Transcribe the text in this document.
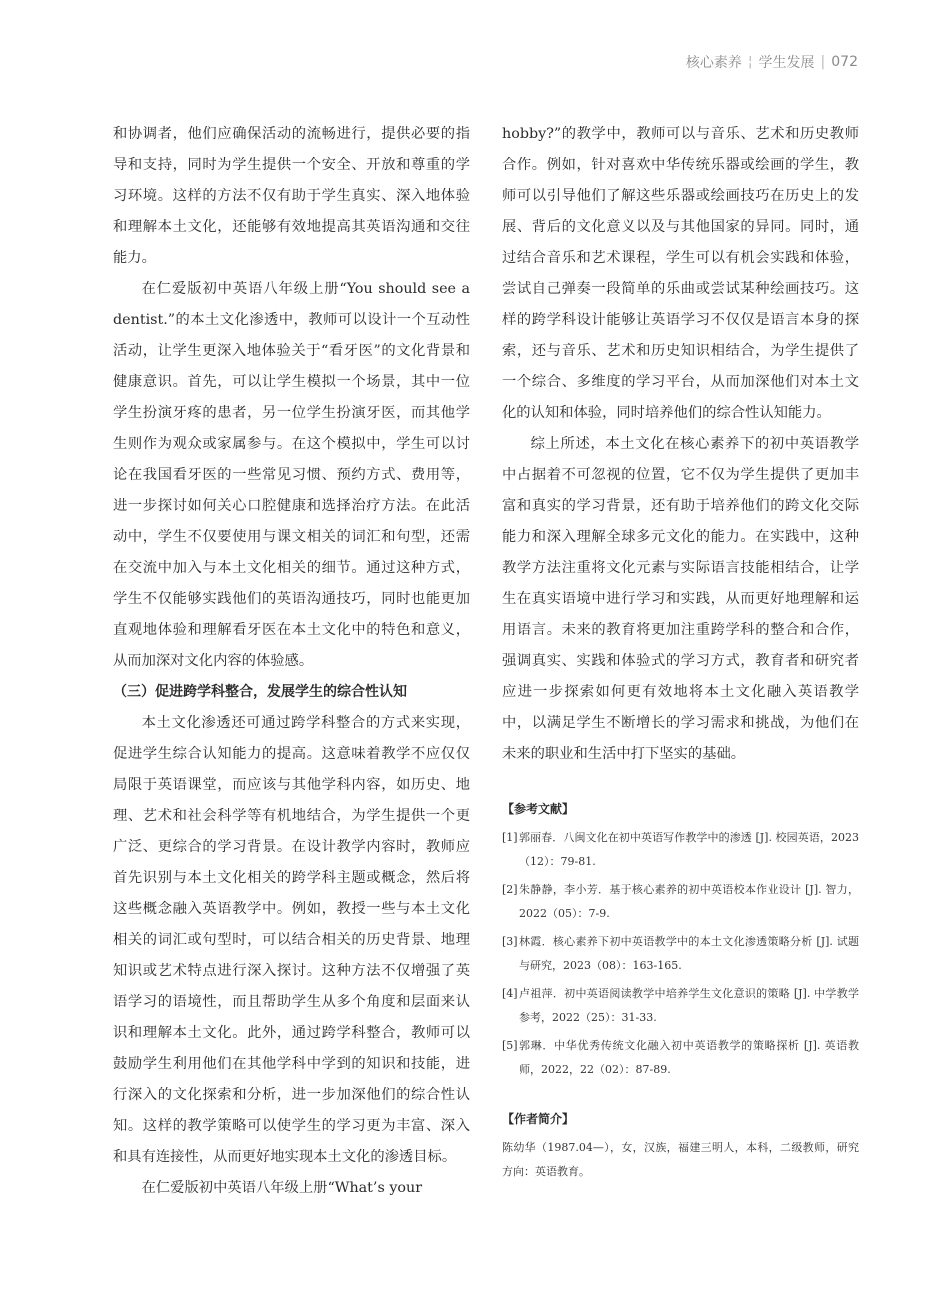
核心素养 ¦ 学生发展 | 072

和协调者，他们应确保活动的流畅进行，提供必要的指导和支持，同时为学生提供一个安全、开放和尊重的学习环境。这样的方法不仅有助于学生真实、深入地体验和理解本土文化，还能够有效地提高其英语沟通和交往能力。

在仁爱版初中英语八年级上册“You should see a dentist.”的本土文化渗透中，教师可以设计一个互动性活动，让学生更深入地体验关于“看牙医”的文化背景和健康意识。首先，可以让学生模拟一个场景，其中一位学生扮演牙疼的患者，另一位学生扮演牙医，而其他学生则作为观众或家属参与。在这个模拟中，学生可以讨论在我国看牙医的一些常见习惯、预约方式、费用等，进一步探讨如何关心口腔健康和选择治疗方法。在此活动中，学生不仅要使用与课文相关的词汇和句型，还需在交流中加入与本土文化相关的细节。通过这种方式，学生不仅能够实践他们的英语沟通技巧，同时也能更加直观地体验和理解看牙医在本土文化中的特色和意义，从而加深对文化内容的体验感。

（三）促进跨学科整合，发展学生的综合性认知

本土文化渗透还可通过跨学科整合的方式来实现，促进学生综合认知能力的提高。这意味着教学不应仅仅局限于英语课堂，而应该与其他学科内容，如历史、地理、艺术和社会科学等有机地结合，为学生提供一个更广泛、更综合的学习背景。在设计教学内容时，教师应首先识别与本土文化相关的跨学科主题或概念，然后将这些概念融入英语教学中。例如，教授一些与本土文化相关的词汇或句型时，可以结合相关的历史背景、地理知识或艺术特点进行深入探讨。这种方法不仅增强了英语学习的语境性，而且帮助学生从多个角度和层面来认识和理解本土文化。此外，通过跨学科整合，教师可以鼓励学生利用他们在其他学科中学到的知识和技能，进行深入的文化探索和分析，进一步加深他们的综合性认知。这样的教学策略可以使学生的学习更为丰富、深入和具有连接性，从而更好地实现本土文化的渗透目标。

在仁爱版初中英语八年级上册“What’s your

hobby?”的教学中，教师可以与音乐、艺术和历史教师合作。例如，针对喜欢中华传统乐器或绘画的学生，教师可以引导他们了解这些乐器或绘画技巧在历史上的发展、背后的文化意义以及与其他国家的异同。同时，通过结合音乐和艺术课程，学生可以有机会实践和体验，尝试自己弹奏一段简单的乐曲或尝试某种绘画技巧。这样的跨学科设计能够让英语学习不仅仅是语言本身的探索，还与音乐、艺术和历史知识相结合，为学生提供了一个综合、多维度的学习平台，从而加深他们对本土文化的认知和体验，同时培养他们的综合性认知能力。

综上所述，本土文化在核心素养下的初中英语教学中占据着不可忽视的位置，它不仅为学生提供了更加丰富和真实的学习背景，还有助于培养他们的跨文化交际能力和深入理解全球多元文化的能力。在实践中，这种教学方法注重将文化元素与实际语言技能相结合，让学生在真实语境中进行学习和实践，从而更好地理解和运用语言。未来的教育将更加注重跨学科的整合和合作，强调真实、实践和体验式的学习方式，教育者和研究者应进一步探索如何更有效地将本土文化融入英语教学中，以满足学生不断增长的学习需求和挑战，为他们在未来的职业和生活中打下坚实的基础。

【参考文献】

[1] 郭丽春．八闽文化在初中英语写作教学中的渗透 [J]. 校园英语，2023（12）：79-81.
[2] 朱静静，李小芳．基于核心素养的初中英语校本作业设计 [J]. 智力，2022（05）：7-9.
[3] 林霞．核心素养下初中英语教学中的本土文化渗透策略分析 [J]. 试题与研究，2023（08）：163-165.
[4] 卢祖萍．初中英语阅读教学中培养学生文化意识的策略 [J]. 中学教学参考，2022（25）：31-33.
[5] 郭琳．中华优秀传统文化融入初中英语教学的策略探析 [J]. 英语教师，2022，22（02）：87-89.

【作者简介】

陈幼华（1987.04—），女，汉族，福建三明人，本科，二级教师，研究方向：英语教育。
